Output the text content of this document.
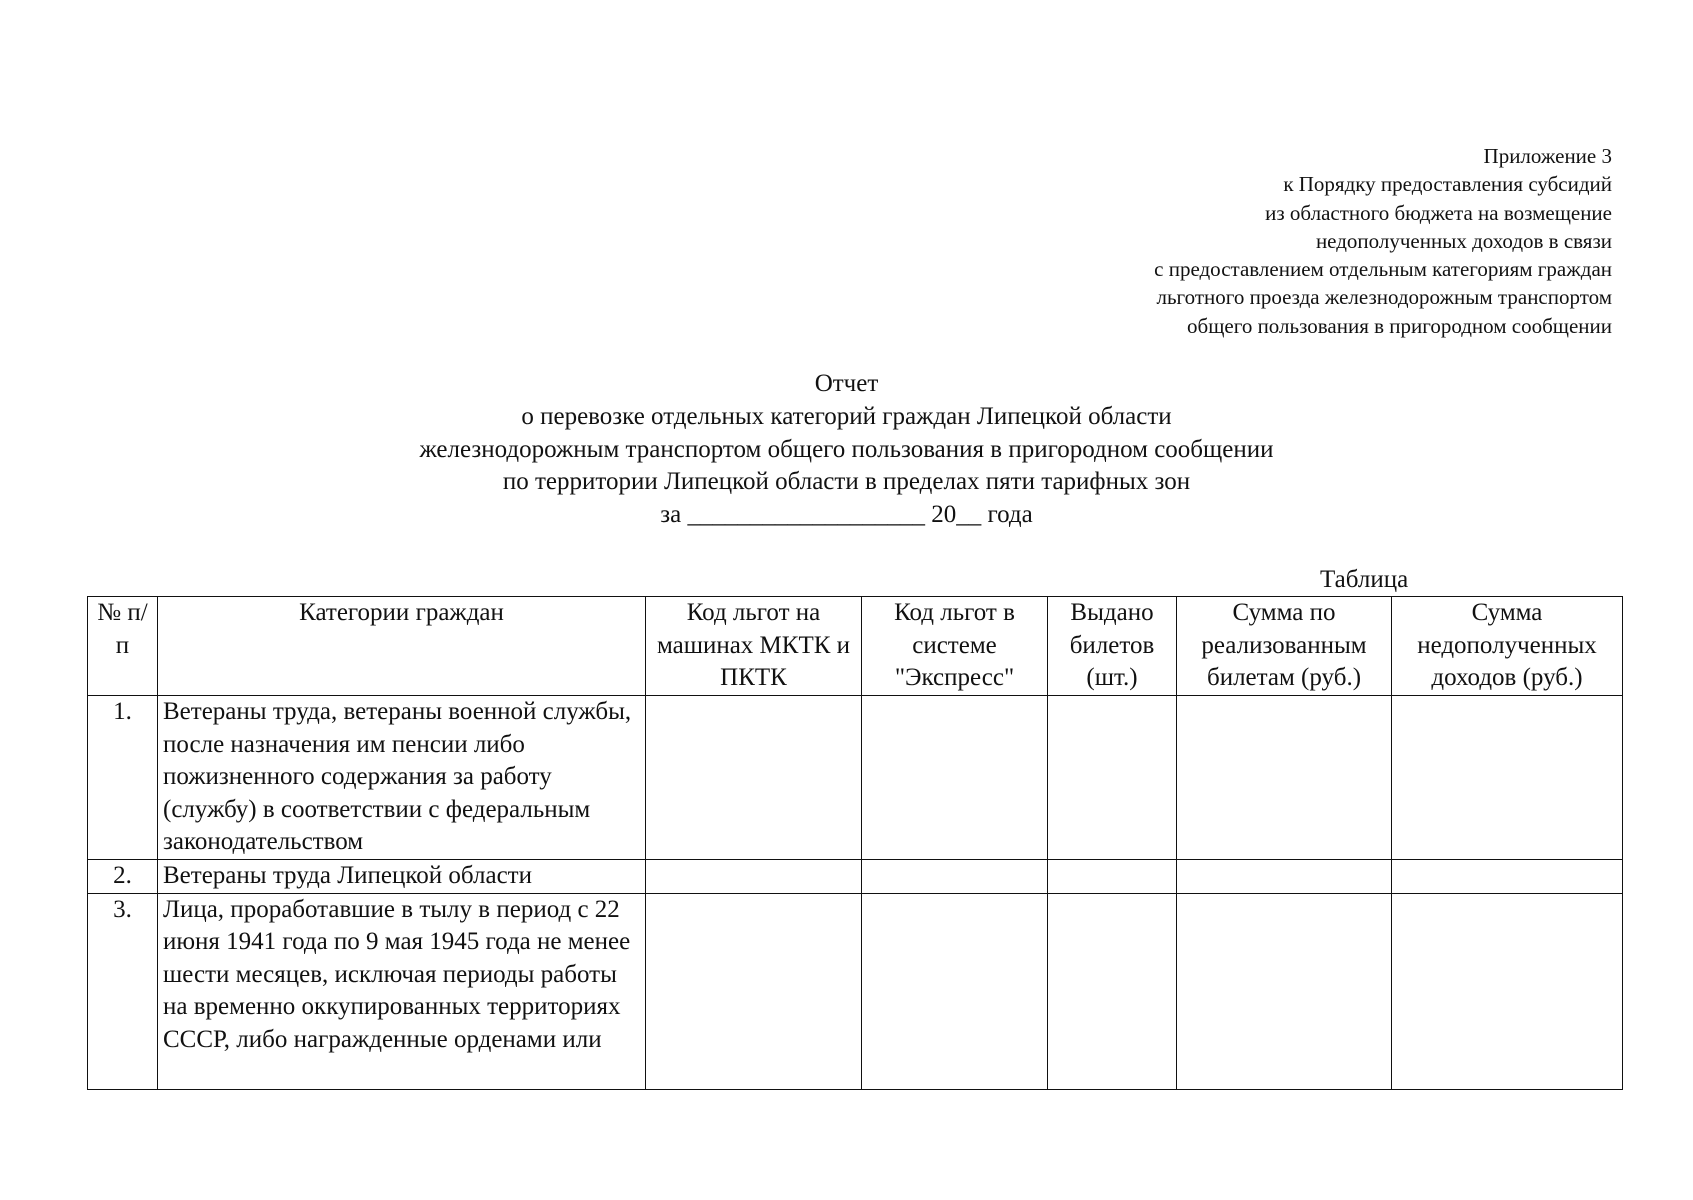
Приложение 3
к Порядку предоставления субсидий
из областного бюджета на возмещение
недополученных доходов в связи
с предоставлением отдельным категориям граждан
льготного проезда железнодорожным транспортом
общего пользования в пригородном сообщении
Отчет
о перевозке отдельных категорий граждан Липецкой области
железнодорожным транспортом общего пользования в пригородном сообщении
по территории Липецкой области в пределах пяти тарифных зон
за ___________________ 20__ года
Таблица
№ п/п	Категории граждан	Код льгот на машинах МКТК и ПКТК	Код льгот в системе "Экспресс"	Выдано билетов (шт.)	Сумма по реализованным билетам (руб.)	Сумма недополученных доходов (руб.)
1.	Ветераны труда, ветераны военной службы, после назначения им пенсии либо пожизненного содержания за работу (службу) в соответствии с федеральным законодательством					
2.	Ветераны труда Липецкой области					
3.	Лица, проработавшие в тылу в период с 22 июня 1941 года по 9 мая 1945 года не менее шести месяцев, исключая периоды работы на временно оккупированных территориях СССР, либо награжденные орденами или					
